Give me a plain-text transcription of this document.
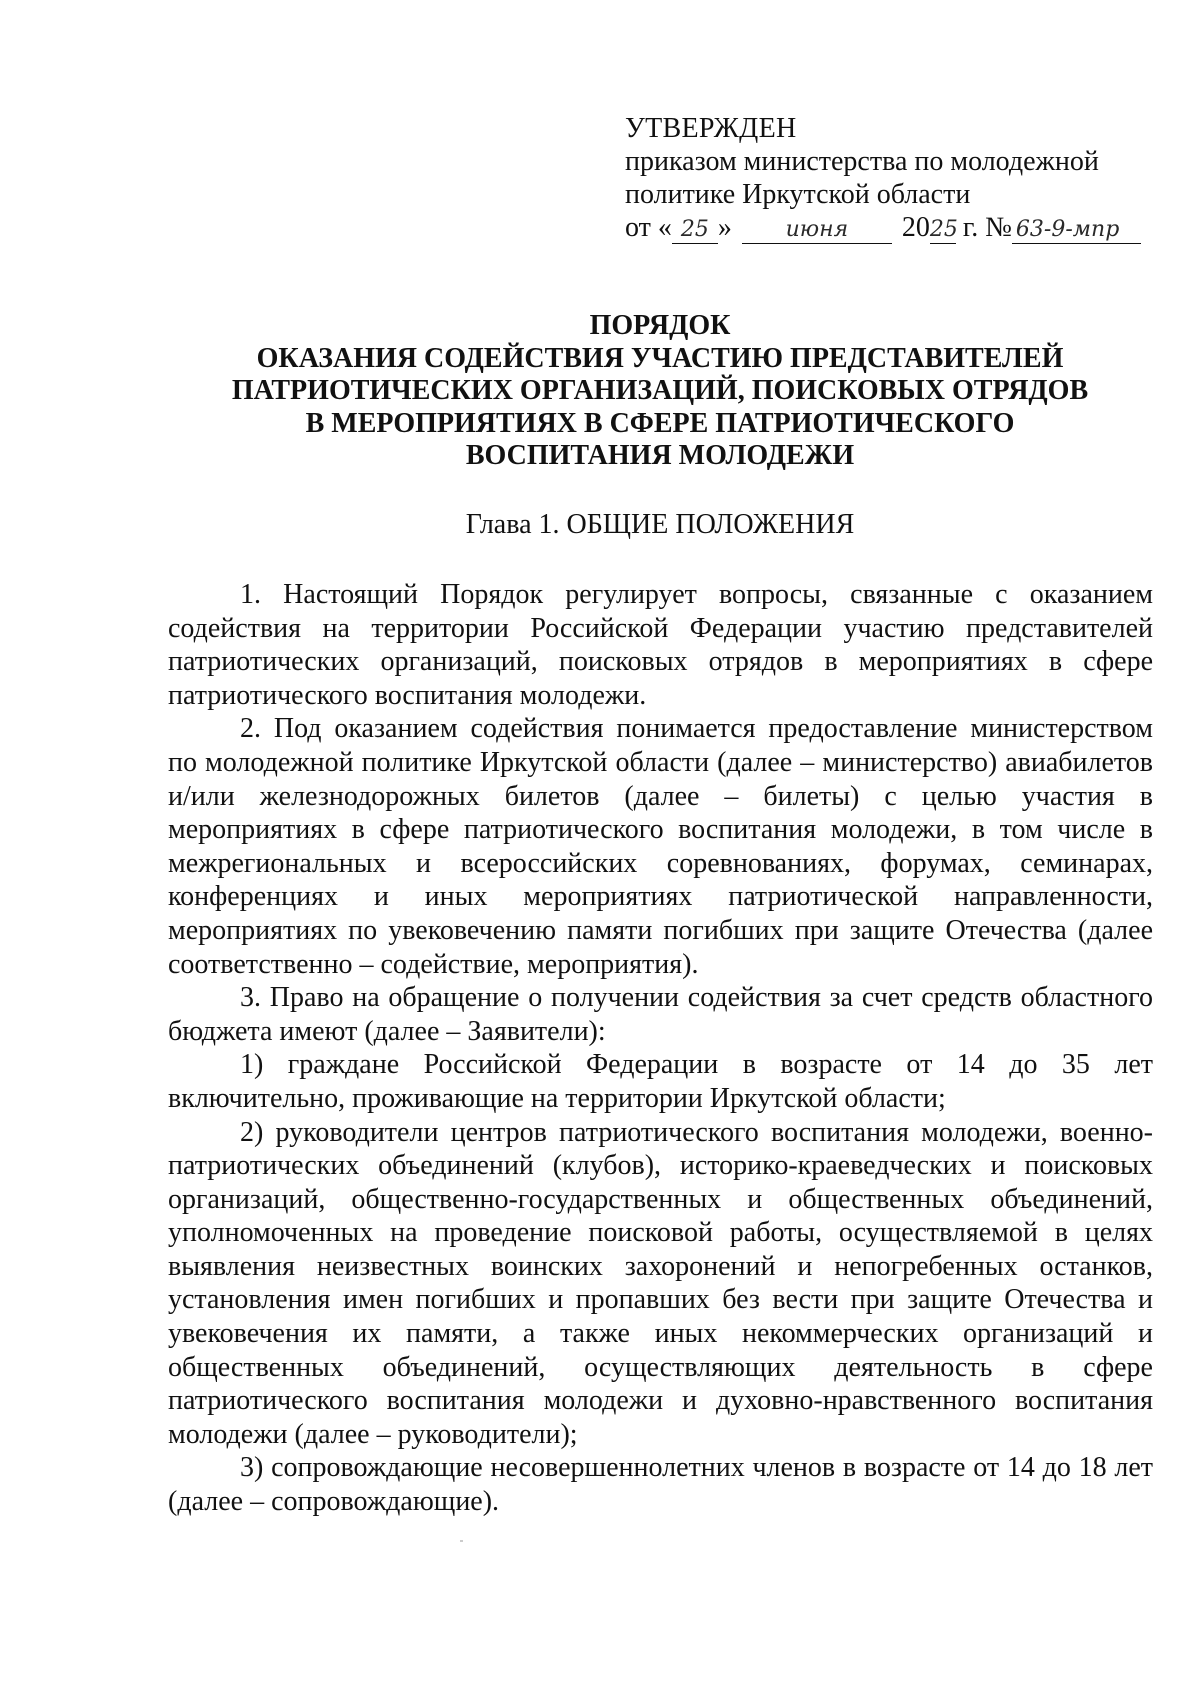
УТВЕРЖДЕН
приказом министерства по молодежной
политике Иркутской области
от « 25 » июня 2025 г. № 63-9-мпр
ПОРЯДОК
ОКАЗАНИЯ СОДЕЙСТВИЯ УЧАСТИЮ ПРЕДСТАВИТЕЛЕЙ
ПАТРИОТИЧЕСКИХ ОРГАНИЗАЦИЙ, ПОИСКОВЫХ ОТРЯДОВ
В МЕРОПРИЯТИЯХ В СФЕРЕ ПАТРИОТИЧЕСКОГО
ВОСПИТАНИЯ МОЛОДЕЖИ
Глава 1. ОБЩИЕ ПОЛОЖЕНИЯ

1. Настоящий Порядок регулирует вопросы, связанные с оказанием содействия на территории Российской Федерации участию представителей патриотических организаций, поисковых отрядов в мероприятиях в сфере патриотического воспитания молодежи.

2. Под оказанием содействия понимается предоставление министерством по молодежной политике Иркутской области (далее – министерство) авиабилетов и/или железнодорожных билетов (далее – билеты) с целью участия в мероприятиях в сфере патриотического воспитания молодежи, в том числе в межрегиональных и всероссийских соревнованиях, форумах, семинарах, конференциях и иных мероприятиях патриотической направленности, мероприятиях по увековечению памяти погибших при защите Отечества (далее соответственно – содействие, мероприятия).

3. Право на обращение о получении содействия за счет средств областного бюджета имеют (далее – Заявители):

1) граждане Российской Федерации в возрасте от 14 до 35 лет включительно, проживающие на территории Иркутской области;

2) руководители центров патриотического воспитания молодежи, военно-патриотических объединений (клубов), историко-краеведческих и поисковых организаций, общественно-государственных и общественных объединений, уполномоченных на проведение поисковой работы, осуществляемой в целях выявления неизвестных воинских захоронений и непогребенных останков, установления имен погибших и пропавших без вести при защите Отечества и увековечения их памяти, а также иных некоммерческих организаций и общественных объединений, осуществляющих деятельность в сфере патриотического воспитания молодежи и духовно-нравственного воспитания молодежи (далее – руководители);

3) сопровождающие несовершеннолетних членов в возрасте от 14 до 18 лет (далее – сопровождающие).
